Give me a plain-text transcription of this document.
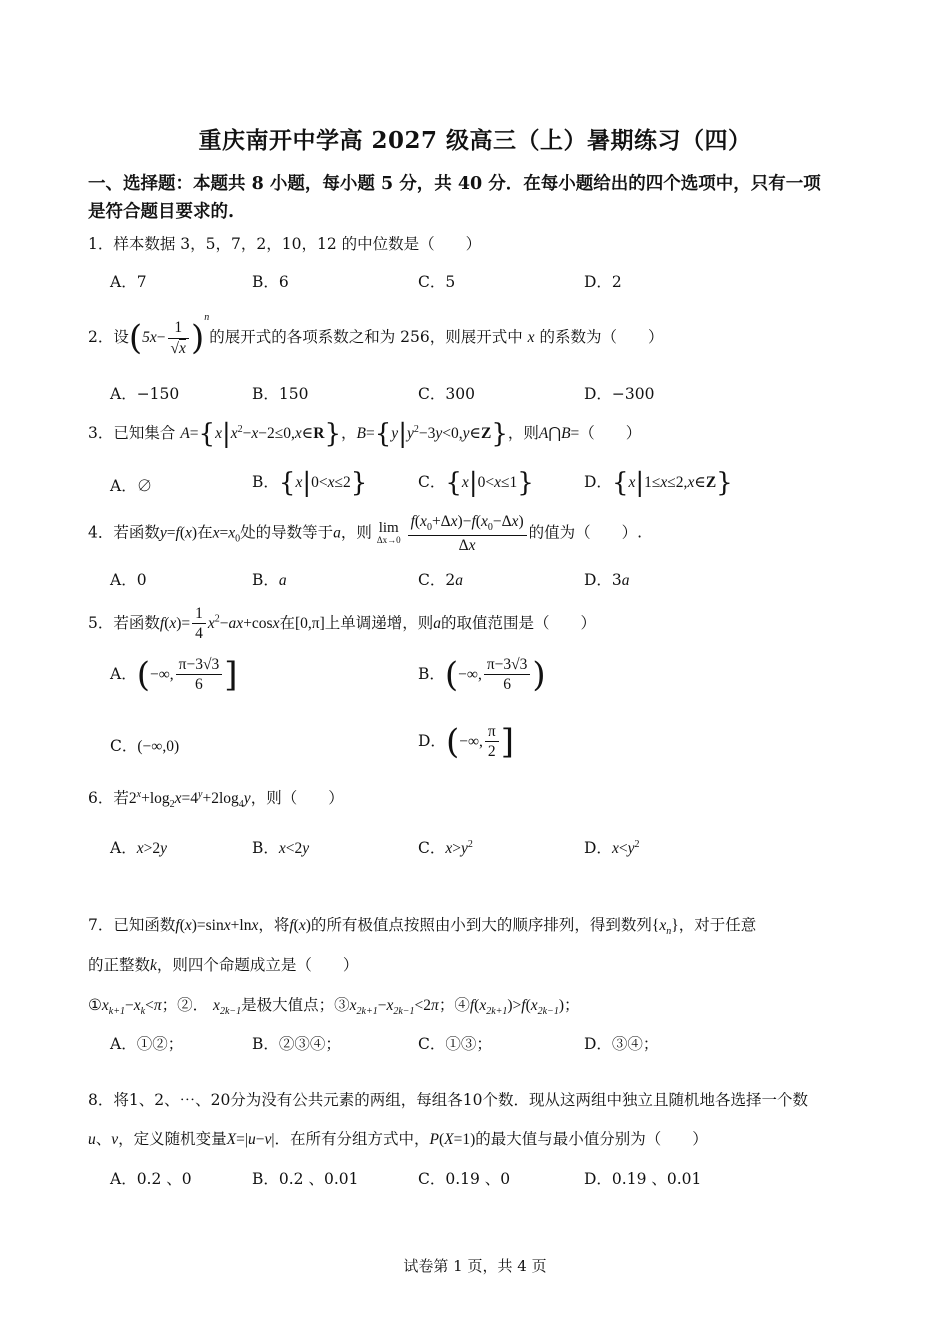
重庆南开中学高 2027 级高三（上）暑期练习（四）
一、选择题：本题共 8 小题，每小题 5 分，共 40 分．在每小题给出的四个选项中，只有一项
是符合题目要求的.
1．样本数据 3，5，7，2，10，12 的中位数是（　　）
A．7	B．6	C．5	D．2
2．设$(5x- \frac{1}{√x} )^n$的展开式的各项系数之和为 256，则展开式中 x 的系数为（　　）
A．−150	B．150	C．300	D．−300
3．已知集合 $A=\{x|x^2-x-2\le 0,x\in R\}$，$B=\{y|y^2-3y<0,y\in Z\}$，则A⋂B=（　　）
A．∅	B．{x|0<x≤2}	C．{x|0<x≤1}	D．{x|1≤x≤2,x∈Z}
4．若函数y=f(x)在$x=x_0$处的导数等于a，则 lim
Δx→0
$\frac{f(x_0+\Delta x)-f(x_0-\Delta x)}{\Delta x}$ 的值为（　　）.
A．0	B．a	C．2a	D．3a
5．若函数$f(x)= \frac{1}{4} x^2-ax+\cos x$在[0,π]上单调递增，则a的取值范围是（　　）
A．(−∞, $\frac{\pi-3√3}{6}$ ]	B．(−∞, $\frac{\pi-3√3}{6}$ )
C．(−∞,0)	D．(−∞, $\frac{\pi}{2}$ ]
6．若$2^x+\log_2x=4^y+2\log_4y$，则（　　）
A．x>2y	B．x<2y	C．$x>y^2$	D．$x<y^2$
7．已知函数f(x)=sinx+lnx，将f(x)的所有极值点按照由小到大的顺序排列，得到数列$\{x_n\}$，对于任意
的正整数k，则四个命题成立是（　　）
$①x_{k+1}-x_k<\pi$；②． $x_{2k-1}$是极大值点；$③x_{2k+1}-x_{2k-1}<2\pi$；$④f(x_{2k+1})>f(x_{2k-1})$；
A．①②；	B．②③④；	C．①③；	D．③④；
8．将1、2、⋯、20分为没有公共元素的两组，每组各10个数．现从这两组中独立且随机地各选择一个数
u、v，定义随机变量X=|u−v|．在所有分组方式中，P(X=1)的最大值与最小值分别为（　　）
A．0.2 、0	B．0.2 、0.01	C．0.19 、0	D．0.19 、0.01
试卷第 1 页，共 4 页
